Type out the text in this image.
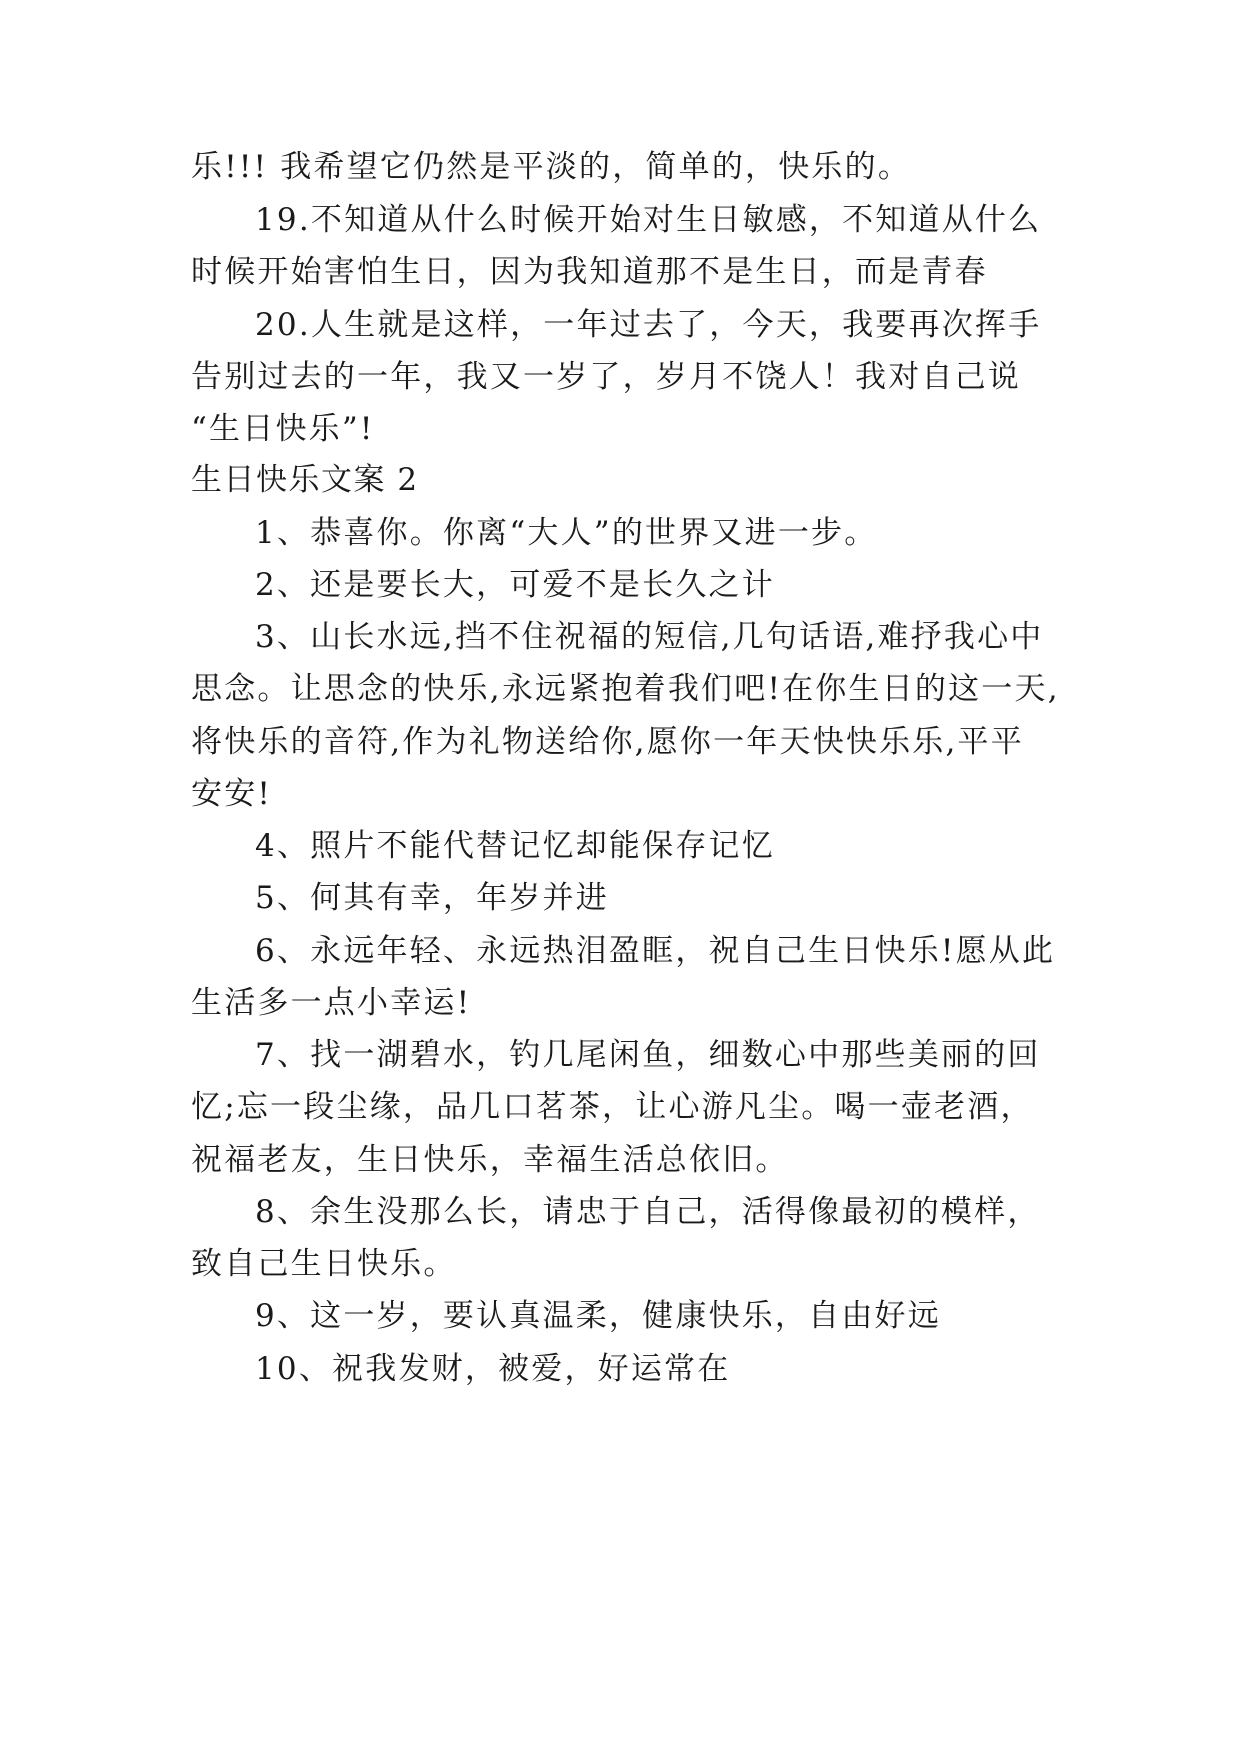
乐!!! 我希望它仍然是平淡的，简单的，快乐的。
19.不知道从什么时候开始对生日敏感，不知道从什么
时候开始害怕生日，因为我知道那不是生日，而是青春
20.人生就是这样，一年过去了，今天，我要再次挥手
告别过去的一年，我又一岁了，岁月不饶人！我对自己说
“生日快乐”!
生日快乐文案 2
1、恭喜你。你离“大人”的世界又进一步。
2、还是要长大，可爱不是长久之计
3、山长水远,挡不住祝福的短信,几句话语,难抒我心中
思念。让思念的快乐,永远紧抱着我们吧!在你生日的这一天,
将快乐的音符,作为礼物送给你,愿你一年天快快乐乐,平平
安安!
4、照片不能代替记忆却能保存记忆
5、何其有幸，年岁并进
6、永远年轻、永远热泪盈眶，祝自己生日快乐!愿从此
生活多一点小幸运!
7、找一湖碧水，钓几尾闲鱼，细数心中那些美丽的回
忆;忘一段尘缘，品几口茗茶，让心游凡尘。喝一壶老酒，
祝福老友，生日快乐，幸福生活总依旧。
8、余生没那么长，请忠于自己，活得像最初的模样，
致自己生日快乐。
9、这一岁，要认真温柔，健康快乐，自由好远
10、祝我发财，被爱，好运常在
